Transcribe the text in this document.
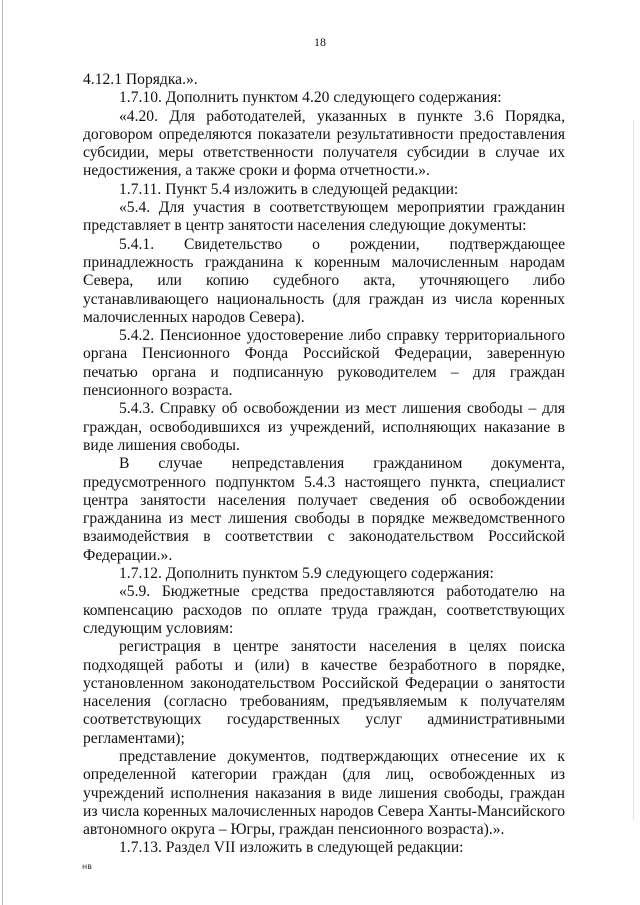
18

4.12.1 Порядка.».

1.7.10. Дополнить пунктом 4.20 следующего содержания:

«4.20. Для работодателей, указанных в пункте 3.6 Порядка, договором определяются показатели результативности предоставления субсидии, меры ответственности получателя субсидии в случае их недостижения, а также сроки и форма отчетности.».

1.7.11. Пункт 5.4 изложить в следующей редакции:

«5.4. Для участия в соответствующем мероприятии гражданин представляет в центр занятости населения следующие документы:

5.4.1. Свидетельство о рождении, подтверждающее принадлежность гражданина к коренным малочисленным народам Севера, или копию судебного акта, уточняющего либо устанавливающего национальность (для граждан из числа коренных малочисленных народов Севера).

5.4.2. Пенсионное удостоверение либо справку территориального органа Пенсионного Фонда Российской Федерации, заверенную печатью органа и подписанную руководителем – для граждан пенсионного возраста.

5.4.3. Справку об освобождении из мест лишения свободы – для граждан, освободившихся из учреждений, исполняющих наказание в виде лишения свободы.

В случае непредставления гражданином документа, предусмотренного подпунктом 5.4.3 настоящего пункта, специалист центра занятости населения получает сведения об освобождении гражданина из мест лишения свободы в порядке межведомственного взаимодействия в соответствии с законодательством Российской Федерации.».

1.7.12. Дополнить пунктом 5.9 следующего содержания:

«5.9. Бюджетные средства предоставляются работодателю на компенсацию расходов по оплате труда граждан, соответствующих следующим условиям:

регистрация в центре занятости населения в целях поиска подходящей работы и (или) в качестве безработного в порядке, установленном законодательством Российской Федерации о занятости населения (согласно требованиям, предъявляемым к получателям соответствующих государственных услуг административными регламентами);

представление документов, подтверждающих отнесение их к определенной категории граждан (для лиц, освобожденных из учреждений исполнения наказания в виде лишения свободы, граждан из числа коренных малочисленных народов Севера Ханты-Мансийского автономного округа – Югры, граждан пенсионного возраста).».

1.7.13. Раздел VII изложить в следующей редакции:

нв
